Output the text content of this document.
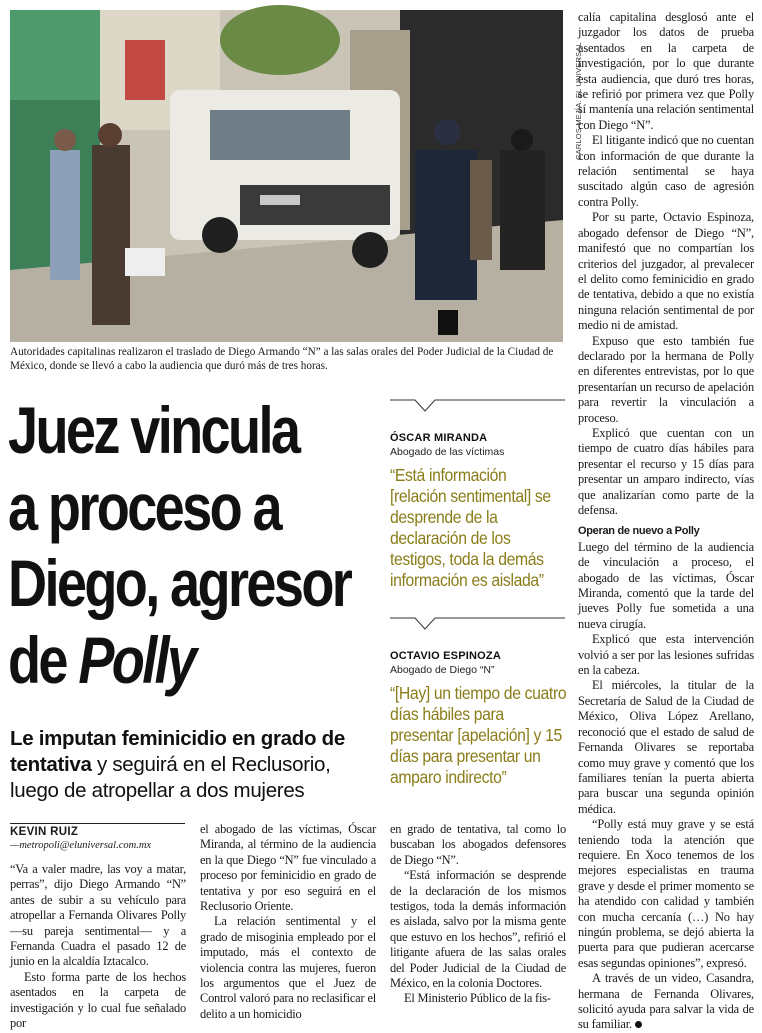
CARLOS MEJÍA. EL UNIVERSAL
Autoridades capitalinas realizaron el traslado de Diego Armando “N” a las salas orales del Poder Judicial de la Ciudad de México, donde se llevó a cabo la audiencia que duró más de tres horas.
Juez vincula
a proceso a
Diego, agresor
de Polly
Le imputan feminicidio en grado de tentativa y seguirá en el Reclusorio, luego de atropellar a dos mujeres
ÓSCAR MIRANDA
Abogado de las víctimas
“Está información [relación sentimental] se desprende de la declaración de los testigos, toda la demás información es aislada”
OCTAVIO ESPINOZA
Abogado de Diego “N”
“[Hay] un tiempo de cuatro días hábiles para presentar [apelación] y 15 días para presentar un amparo indirecto”
KEVIN RUIZ
—metropoli@eluniversal.com.mx

“Va a valer madre, las voy a matar, perras”, dijo Diego Armando “N” antes de subir a su vehículo para atropellar a Fernanda Olivares Polly —su pareja sentimental— y a Fernanda Cuadra el pasado 12 de junio en la alcaldía Iztacalco.

Esto forma parte de los hechos asentados en la carpeta de investigación y lo cual fue señalado por

el abogado de las víctimas, Óscar Miranda, al término de la audiencia en la que Diego “N” fue vinculado a proceso por feminicidio en grado de tentativa y por eso seguirá en el Reclusorio Oriente.

La relación sentimental y el grado de misoginia empleado por el imputado, más el contexto de violencia contra las mujeres, fueron los argumentos que el Juez de Control valoró para no reclasificar el delito a un homicidio

en grado de tentativa, tal como lo buscaban los abogados defensores de Diego “N”.

“Está información se desprende de la declaración de los mismos testigos, toda la demás información es aislada, salvo por la misma gente que estuvo en los hechos”, refirió el litigante afuera de las salas orales del Poder Judicial de la Ciudad de México, en la colonia Doctores.

El Ministerio Público de la fis-

calía capitalina desglosó ante el juzgador los datos de prueba asentados en la carpeta de investigación, por lo que durante esta audiencia, que duró tres horas, se refirió por primera vez que Polly sí mantenía una relación sentimental con Diego “N”.

El litigante indicó que no cuentan con información de que durante la relación sentimental se haya suscitado algún caso de agresión contra Polly.

Por su parte, Octavio Espinoza, abogado defensor de Diego “N”, manifestó que no compartían los criterios del juzgador, al prevalecer el delito como feminicidio en grado de tentativa, debido a que no existía ninguna relación sentimental de por medio ni de amistad.

Expuso que esto también fue declarado por la hermana de Polly en diferentes entrevistas, por lo que presentarían un recurso de apelación para revertir la vinculación a proceso.

Explicó que cuentan con un tiempo de cuatro días hábiles para presentar el recurso y 15 días para presentar un amparo indirecto, vías que analizarían como parte de la defensa.

Operan de nuevo a Polly

Luego del término de la audiencia de vinculación a proceso, el abogado de las víctimas, Óscar Miranda, comentó que la tarde del jueves Polly fue sometida a una nueva cirugía.

Explicó que esta intervención volvió a ser por las lesiones sufridas en la cabeza.

El miércoles, la titular de la Secretaría de Salud de la Ciudad de México, Oliva López Arellano, reconoció que el estado de salud de Fernanda Olivares se reportaba como muy grave y comentó que los familiares tenían la puerta abierta para buscar una segunda opinión médica.

“Polly está muy grave y se está teniendo toda la atención que requiere. En Xoco tenemos de los mejores especialistas en trauma grave y desde el primer momento se ha atendido con calidad y también con mucha cercanía (…) No hay ningún problema, se dejó abierta la puerta para que pudieran acercarse esas segundas opiniones”, expresó.

A través de un video, Casandra, hermana de Fernanda Olivares, solicitó ayuda para salvar la vida de su familiar.
